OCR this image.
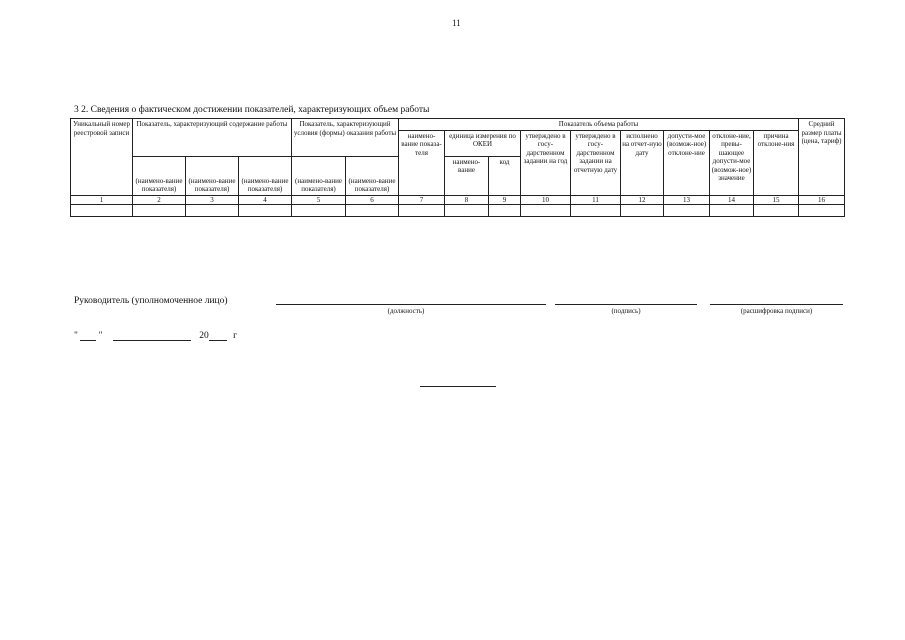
11
3 2. Сведения о фактическом достижении показателей, характеризующих объем работы
Уникальный номер реестровой записи	Показатель, характеризующий содержание работы			Показатель, характеризующий условия (формы) оказания работы		Показатель объема работы									Средний размер платы (цена, тариф)
						наимено-вание показа-теля	единица измерения по ОКЕИ		утверждено в госу-дарственном задании на год	утверждено в госу-дарственном задании на отчетную дату	исполнено на отчет-ную дату	допусти-мое (возмож-ное) отклоне-ние	отклоне-ние, превы-шающее допусти-мое (возмож-ное) значение	причина отклоне-ния	

	(наимено-вание показателя)	(наимено-вание показателя)	(наимено-вание показателя)	(наимено-вание показателя)	(наимено-вание показателя)		наимено-вание	код							
1	2	3	4	5	6	7	8	9	10	11	12	13	14	15	16

Руководитель (уполномоченное лицо)
(должность)	(подпись)	(расшифровка подписи)
" "	20	г
